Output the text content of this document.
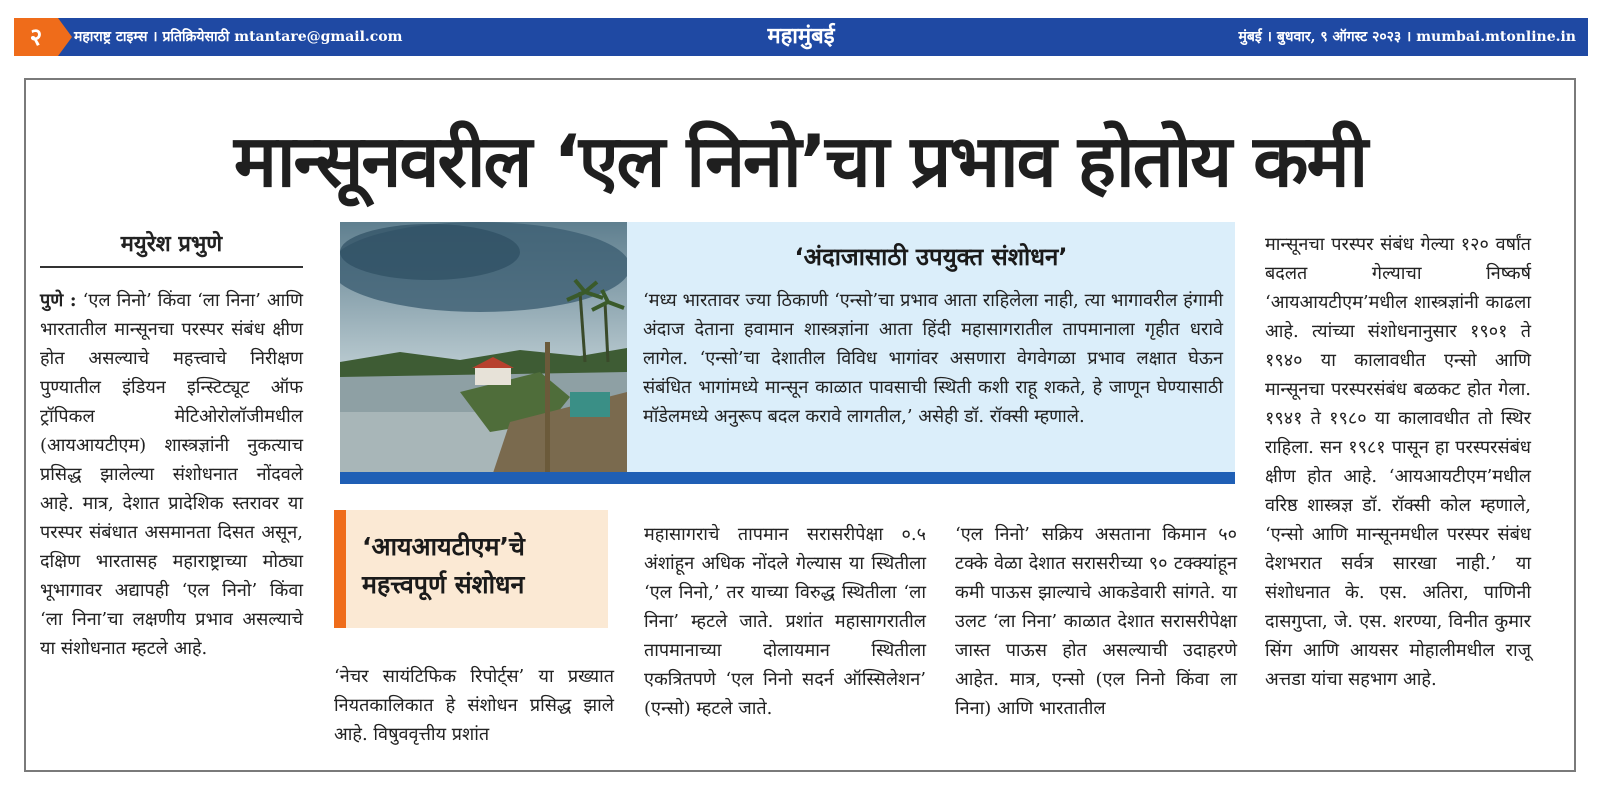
२	महाराष्ट्र टाइम्स । प्रतिक्रियेसाठी mtantare@gmail.com	महामुंबई	मुंबई । बुधवार, ९ ऑगस्ट २०२३ । mumbai.mtonline.in
मान्सूनवरील ‘एल निनो’चा प्रभाव होतोय कमी
मयुरेश प्रभुणे

पुणे : ‘एल निनो’ किंवा ‘ला निना’ आणि भारतातील मान्सूनचा परस्पर संबंध क्षीण होत असल्याचे महत्त्वाचे निरीक्षण पुण्यातील इंडियन इन्स्टिट्यूट ऑफ ट्रॉपिकल मेटिओरोलॉजीमधील (आयआयटीएम) शास्त्रज्ञांनी नुकत्याच प्रसिद्ध झालेल्या संशोधनात नोंदवले आहे. मात्र, देशात प्रादेशिक स्तरावर या परस्पर संबंधात असमानता दिसत असून, दक्षिण भारतासह महाराष्ट्राच्या मोठ्या भूभागावर अद्यापही ‘एल निनो’ किंवा ‘ला निना’चा लक्षणीय प्रभाव असल्याचे या संशोधनात म्हटले आहे.

‘अंदाजासाठी उपयुक्त संशोधन’
‘मध्य भारतावर ज्या ठिकाणी ‘एन्सो’चा प्रभाव आता राहिलेला नाही, त्या भागावरील हंगामी अंदाज देताना हवामान शास्त्रज्ञांना आता हिंदी महासागरातील तापमानाला गृहीत धरावे लागेल. ‘एन्सो’चा देशातील विविध भागांवर असणारा वेगवेगळा प्रभाव लक्षात घेऊन संबंधित भागांमध्ये मान्सून काळात पावसाची स्थिती कशी राहू शकते, हे जाणून घेण्यासाठी मॉडेलमध्ये अनुरूप बदल करावे लागतील,’ असेही डॉ. रॉक्सी म्हणाले.
‘आयआयटीएम’चे महत्त्वपूर्ण संशोधन

‘नेचर सायंटिफिक रिपोर्ट्स’ या प्रख्यात नियतकालिकात हे संशोधन प्रसिद्ध झाले आहे. विषुववृत्तीय प्रशांत

महासागराचे तापमान सरासरीपेक्षा ०.५ अंशांहून अधिक नोंदले गेल्यास या स्थितीला ‘एल निनो,’ तर याच्या विरुद्ध स्थितीला ‘ला निना’ म्हटले जाते. प्रशांत महासागरातील तापमानाच्या दोलायमान स्थितीला एकत्रितपणे ‘एल निनो सदर्न ऑस्सिलेशन’ (एन्सो) म्हटले जाते.

‘एल निनो’ सक्रिय असताना किमान ५० टक्के वेळा देशात सरासरीच्या ९० टक्क्यांहून कमी पाऊस झाल्याचे आकडेवारी सांगते. या उलट ‘ला निना’ काळात देशात सरासरीपेक्षा जास्त पाऊस होत असल्याची उदाहरणे आहेत. मात्र, एन्सो (एल निनो किंवा ला निना) आणि भारतातील

मान्सूनचा परस्पर संबंध गेल्या १२० वर्षांत बदलत गेल्याचा निष्कर्ष ‘आयआयटीएम’मधील शास्त्रज्ञांनी काढला आहे. त्यांच्या संशोधनानुसार १९०१ ते १९४० या कालावधीत एन्सो आणि मान्सूनचा परस्परसंबंध बळकट होत गेला. १९४१ ते १९८० या कालावधीत तो स्थिर राहिला. सन १९८१ पासून हा परस्परसंबंध क्षीण होत आहे. ‘आयआयटीएम’मधील वरिष्ठ शास्त्रज्ञ डॉ. रॉक्सी कोल म्हणाले, ‘एन्सो आणि मान्सूनमधील परस्पर संबंध देशभरात सर्वत्र सारखा नाही.’ या संशोधनात के. एस. अतिरा, पाणिनी दासगुप्ता, जे. एस. शरण्या, विनीत कुमार सिंग आणि आयसर मोहालीमधील राजू अत्तडा यांचा सहभाग आहे.
